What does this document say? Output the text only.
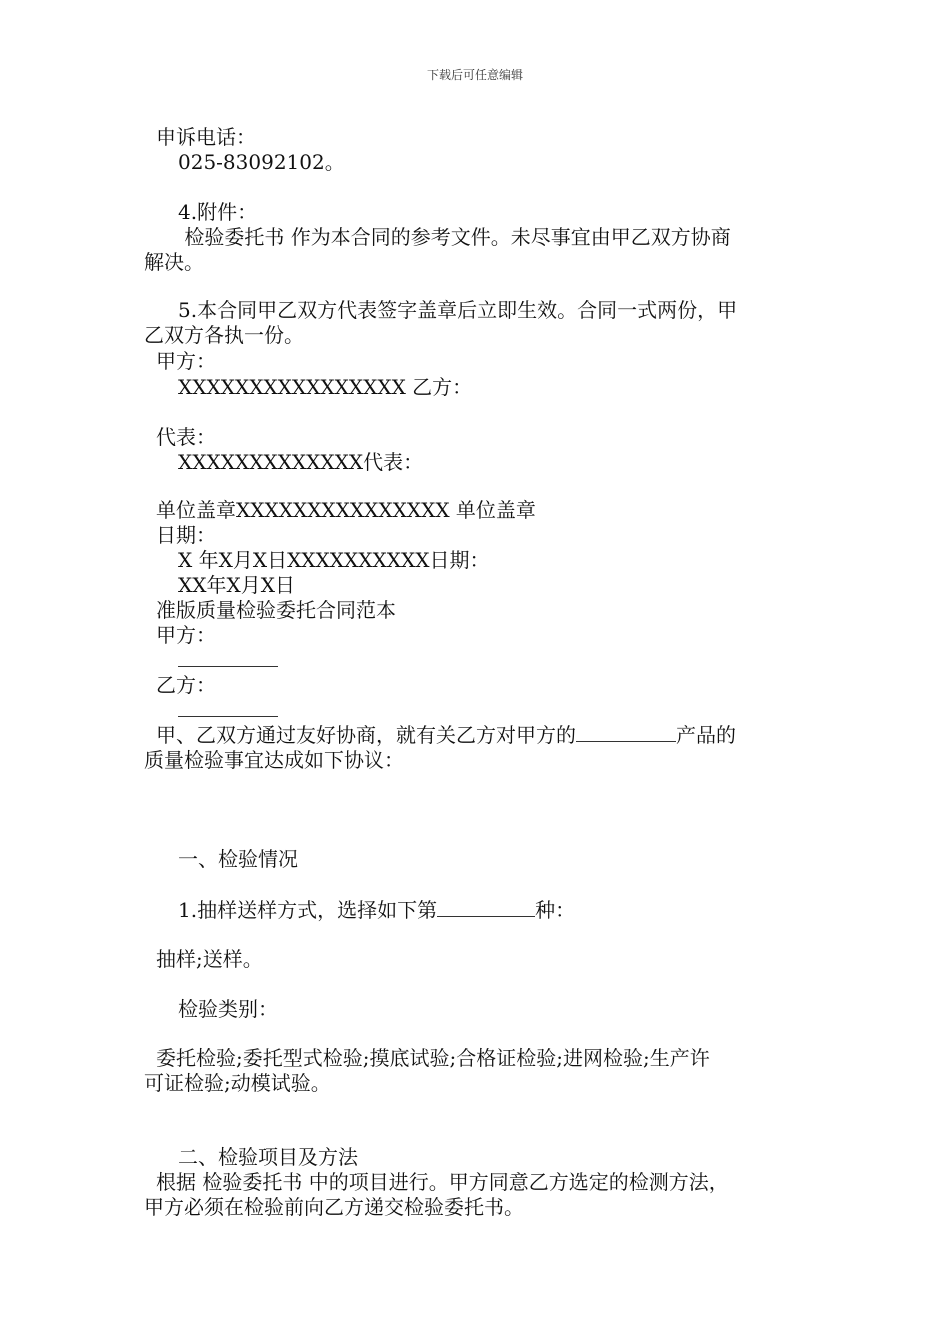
下载后可任意编辑
申诉电话：
025-83092102。
4.附件：
检验委托书 作为本合同的参考文件。未尽事宜由甲乙双方协商
解决。
5.本合同甲乙双方代表签字盖章后立即生效。合同一式两份，甲
乙双方各执一份。
甲方：
XXXXXXXXXXXXXXXX 乙方：
代表：
XXXXXXXXXXXXX代表：
单位盖章XXXXXXXXXXXXXXX 单位盖章
日期：
X 年X月X日XXXXXXXXXX日期：
XX年X月X日
准版质量检验委托合同范本
甲方：
乙方：
甲、乙双方通过友好协商，就有关乙方对甲方的	产品的
质量检验事宜达成如下协议：
一、检验情况
1.抽样送样方式，选择如下第	种：
抽样;送样。
检验类别：
委托检验;委托型式检验;摸底试验;合格证检验;进网检验;生产许
可证检验;动模试验。
二、检验项目及方法
根据 检验委托书 中的项目进行。甲方同意乙方选定的检测方法，
甲方必须在检验前向乙方递交检验委托书。
